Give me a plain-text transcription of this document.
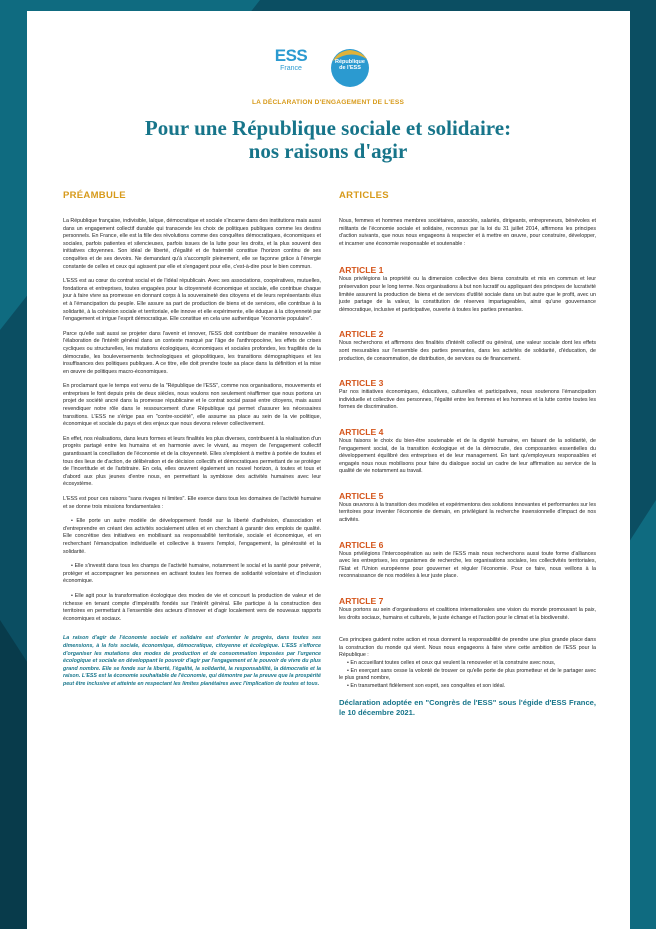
ESS
France
République
de l'ESS
LA DÉCLARATION D'ENGAGEMENT DE L'ESS
Pour une République sociale et solidaire:
nos raisons d'agir
PRÉAMBULE

La République française, indivisible, laïque, démocratique et sociale s'incarne dans des institutions mais aussi dans un engagement collectif durable qui transcende les choix de politiques publiques comme les destins personnels. En France, elle est la fille des révolutions comme des conquêtes démocratiques, économiques et sociales, parfois patientes et silencieuses, parfois issues de la lutte pour les droits, et la plus souvent des initiatives citoyennes. Son idéal de liberté, d'égalité et de fraternité constitue l'horizon continu de ses conquêtes et de ses devoirs. Ne demandant qu'à s'accomplir pleinement, elle se façonne grâce à l'énergie constante de celles et ceux qui agissent par elle et s'engagent pour elle, c'est-à-dire pour le bien commun.

L'ESS est au cœur du contrat social et de l'idéal républicain. Avec ses associations, coopératives, mutuelles, fondations et entreprises, toutes engagées pour la citoyenneté économique et sociale, elle contribue chaque jour à faire vivre sa promesse en donnant corps à la souveraineté des citoyens et de leurs représentants élus et à l'émancipation du peuple. Elle assure sa part de production de biens et de services, elle contribue à la solidarité, à la cohésion sociale et territoriale, elle innove et elle expérimente, elle éduque à la citoyenneté par l'engagement et irrigue l'esprit démocratique. Elle constitue en cela une authentique "économie populaire".

Parce qu'elle sait aussi se projeter dans l'avenir et innover, l'ESS doit contribuer de manière renouvelée à l'élaboration de l'intérêt général dans un contexte marqué par l'âge de l'anthropocène, les effets de crises cycliques ou structurelles, les mutations écologiques, économiques et sociales profondes, les fragilités de la démocratie, les bouleversements technologiques et géopolitiques, les transitions démographiques et les insuffisances des politiques publiques. A ce titre, elle doit prendre toute sa place dans la définition et la mise en œuvre de politiques macro-économiques.

En proclamant que le temps est venu de la "République de l'ESS", comme nos organisations, mouvements et entreprises le font depuis près de deux siècles, nous voulons non seulement réaffirmer que nous portons un projet de société ancré dans la promesse républicaine et le contrat social passé entre citoyens, mais aussi revendiquer notre rôle dans le ressourcement d'une République qui permet d'assurer les nécessaires transitions. L'ESS ne s'érige pas en "contre-société", elle assume sa place au sein de la vie politique, économique et sociale du pays et des enjeux que nous devons relever collectivement.

En effet, nos réalisations, dans leurs formes et leurs finalités les plus diverses, contribuent à la réalisation d'un progrès partagé entre les humains et en harmonie avec le vivant, au moyen de l'engagement collectif garantissant la conciliation de l'économie et de la citoyenneté. Elles s'emploient à mettre à portée de toutes et tous des lieux de d'action, de délibération et de décision collectifs et démocratiques permettant de se protéger de l'incertitude et de l'arbitraire. En cela, elles œuvrent également un nouvel horizon, à toutes et tous et d'abord aux plus jeunes d'entre nous, en permettant la symbiose des activités humaines avec leur écosystème.

L'ESS est pour ces raisons "sans rivages ni limites". Elle exerce dans tous les domaines de l'activité humaine et se donne trois missions fondamentales :

• Elle porte un autre modèle de développement fondé sur la liberté d'adhésion, d'association et d'entreprendre en créant des activités socialement utiles et en cherchant à garantir des emplois de qualité. Elle concrétise des initiatives en mobilisant sa responsabilité territoriale, sociale et économique, et en recherchant l'émancipation individuelle et collective à travers l'emploi, l'engagement, la générosité et la solidarité.

• Elle s'investit dans tous les champs de l'activité humaine, notamment le social et la santé pour prévenir, protéger et accompagner les personnes en activant toutes les formes de solidarité volontaire et d'inclusion économique.

• Elle agit pour la transformation écologique des modes de vie et concourt la production de valeur et de richesse en tenant compte d'impératifs fondés sur l'intérêt général. Elle participe à la construction des territoires en permettant à l'ensemble des acteurs d'innover et d'agir localement vers de nouveaux rapports économiques et sociaux.

La raison d'agir de l'économie sociale et solidaire est d'orienter le progrès, dans toutes ses dimensions, à la fois sociale, économique, démocratique, citoyenne et écologique. L'ESS s'efforce d'organiser les mutations des modes de production et de consommation imposées par l'urgence écologique et sociale en développant le pouvoir d'agir par l'engagement et le pouvoir de vivre du plus grand nombre. Elle se fonde sur la liberté, l'égalité, la solidarité, la responsabilité, la démocratie et la raison. L'ESS est la économie souhaitable de l'économie, qui démontre par la preuve que la prospérité peut être inclusive et atteinte en respectant les limites planétaires avec l'implication de toutes et tous.

ARTICLES

Nous, femmes et hommes membres sociétaires, associés, salariés, dirigeants, entrepreneurs, bénévoles et militants de l'économie sociale et solidaire, reconnus par la loi du 31 juillet 2014, affirmons les principes d'action suivants, que nous nous engageons à respecter et à mettre en œuvre, pour construire, développer, et incarner une économie responsable et soutenable :

ARTICLE 1

Nous privilégions la propriété ou la dimension collective des biens construits et mis en commun et leur préservation pour le long terme. Nos organisations à but non lucratif ou appliquant des principes de lucrativité limitée assurent la production de biens et de services d'utilité sociale dans un but autre que le profit, avec un juste partage de la valeur, la constitution de réserves impartageables, ainsi qu'une gouvernance démocratique, inclusive et participative, ouverte à toutes les parties prenantes.

ARTICLE 2

Nous recherchons et affirmons des finalités d'intérêt collectif ou général, une valeur sociale dont les effets sont mesurables sur l'ensemble des parties prenantes, dans les activités de solidarité, d'éducation, de production, de consommation, de distribution, de services ou de financement.

ARTICLE 3

Par nos initiatives économiques, éducatives, culturelles et participatives, nous soutenons l'émancipation individuelle et collective des personnes, l'égalité entre les femmes et les hommes et la lutte contre toutes les formes de discrimination.

ARTICLE 4

Nous faisons le choix du bien-être soutenable et de la dignité humaine, en faisant de la solidarité, de l'engagement social, de la transition écologique et de la démocratie, des composantes essentielles du développement équilibré des entreprises et de leur management. En tant qu'employeurs responsables et engagés nous nous mobilisons pour faire du dialogue social un cadre de leur affirmation au service de la qualité de vie notamment au travail.

ARTICLE 5

Nous œuvrons à la transition des modèles et expérimentons des solutions innovantes et performantes sur les territoires pour inventer l'économie de demain, en privilégiant la recherche insensionnelle d'impact de nos activités.

ARTICLE 6

Nous privilégions l'intercoopération au sein de l'ESS mais nous recherchons aussi toute forme d'alliances avec les entreprises, les organismes de recherche, les organisations sociales, les collectivités territoriales, l'Etat et l'Union européenne pour gouverner et réguler l'économie. Pour ce faire, nous veillons à la reconnaissance de nos modèles à leur juste place.

ARTICLE 7

Nous portons au sein d'organisations et coalitions internationales une vision du monde promouvant la paix, les droits sociaux, humains et culturels, le juste échange et l'action pour le climat et la biodiversité.

Ces principes guident notre action et nous donnent la responsabilité de prendre une plus grande place dans la construction du monde qui vient. Nous nous engageons à faire vivre cette ambition de l'ESS pour la République :

• En accueillant toutes celles et ceux qui veulent la renouveler et la construire avec nous,

• En exerçant sans cesse la volonté de trouver ce qu'elle porte de plus prometteur et de le partager avec le plus grand nombre,

• En transmettant fidèlement son esprit, ses conquêtes et son idéal.

Déclaration adoptée en "Congrès de l'ESS" sous l'égide d'ESS France, le 10 décembre 2021.
